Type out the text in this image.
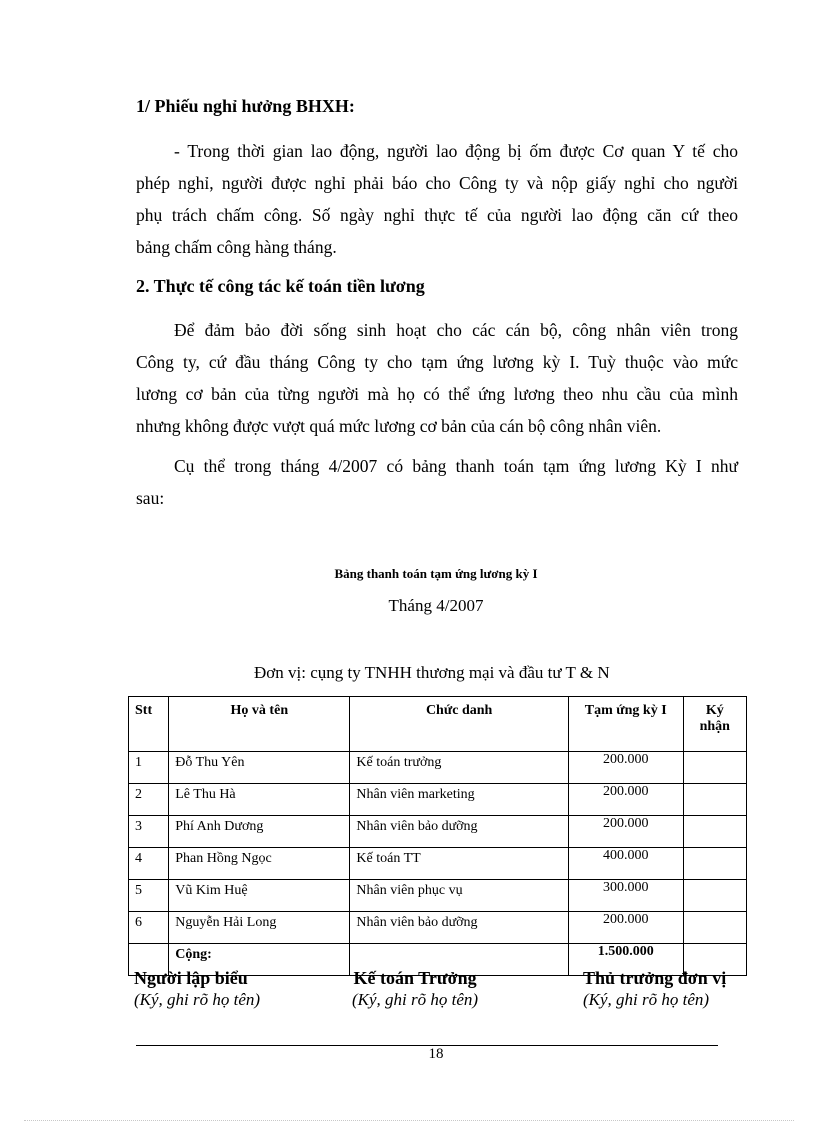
1/ Phiếu nghỉ hưởng BHXH:
- Trong thời gian lao động, người lao động bị ốm được Cơ quan Y tế cho
phép nghỉ, người được nghỉ phải báo cho Công ty và nộp giấy nghỉ cho người
phụ trách chấm công. Số ngày nghỉ thực tế của người lao động căn cứ theo
bảng chấm công hàng tháng.
2. Thực tế công tác kế toán tiền lương
Để đảm bảo đời sống sinh hoạt cho các cán bộ, công nhân viên trong
Công ty, cứ đầu tháng Công ty cho tạm ứng lương kỳ I. Tuỳ thuộc vào mức
lương cơ bản của từng người mà họ có thể ứng lương theo nhu cầu của mình
nhưng không được vượt quá mức lương cơ bản của cán bộ công nhân viên.
Cụ thể trong tháng 4/2007 có bảng thanh toán tạm ứng lương Kỳ I như
sau:
Bảng thanh toán tạm ứng lương kỳ I
Tháng 4/2007
Đơn vị: cụng ty TNHH thương mại và đầu tư T & N
Stt	Họ và tên	Chức danh	Tạm ứng kỳ I	Ký nhận
1	Đỗ Thu Yên	Kế toán trưởng	200.000	
2	Lê Thu Hà	Nhân viên marketing	200.000	
3	Phí Anh Dương	Nhân viên bảo dưỡng	200.000	
4	Phan Hồng Ngọc	Kế toán TT	400.000	
5	Vũ Kim Huệ	Nhân viên phục vụ	300.000	
6	Nguyễn Hải Long	Nhân viên bảo dưỡng	200.000	
	Cộng:		1.500.000	
Người lập biểu
(Ký, ghi rõ họ tên)
Kế toán Trưởng
(Ký, ghi rõ họ tên)
Thủ trưởng đơn vị
(Ký, ghi rõ họ tên)
18
